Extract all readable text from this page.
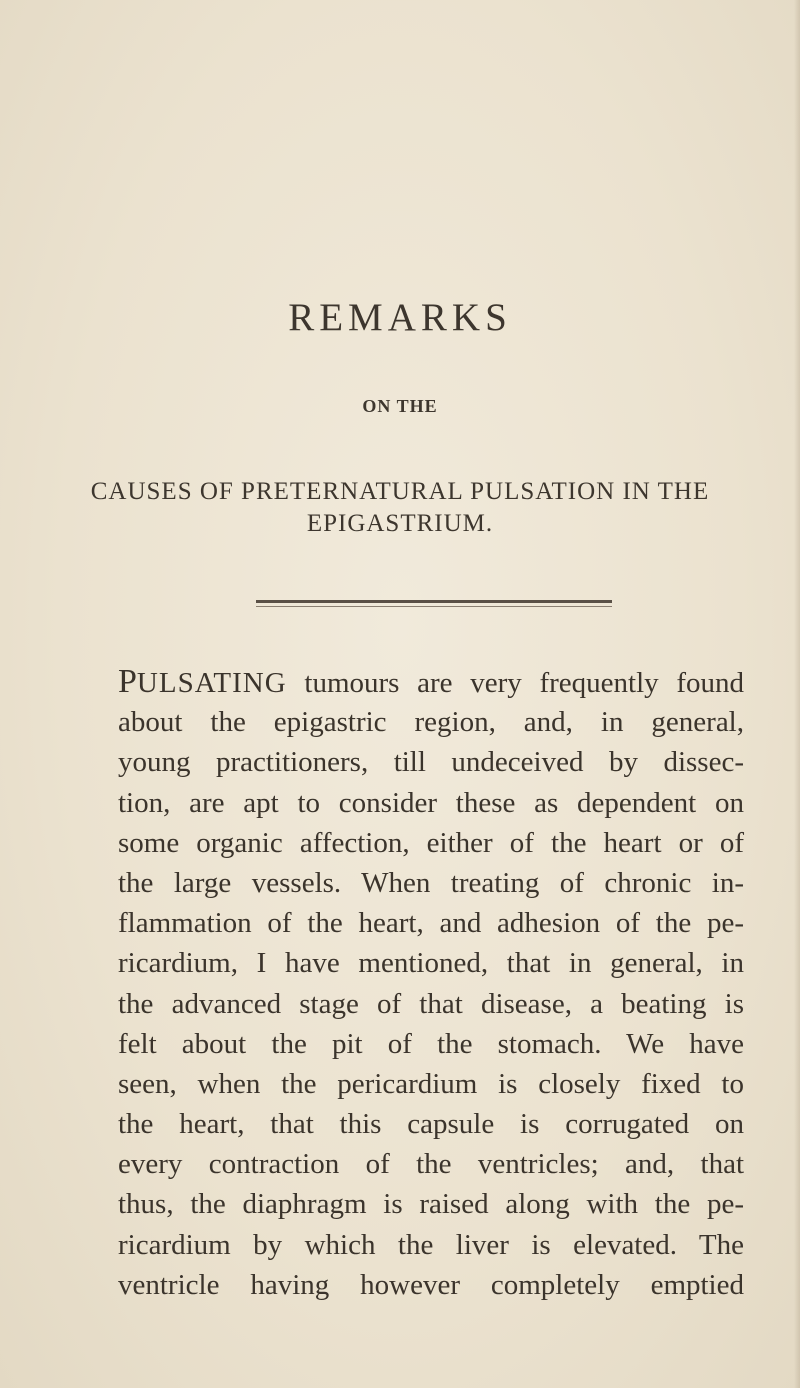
REMARKS
ON THE
CAUSES OF PRETERNATURAL PULSATION IN THE
EPIGASTRIUM.
PULSATING tumours are very frequently found
about the epigastric region, and, in general,
young practitioners, till undeceived by dissec-
tion, are apt to consider these as dependent on
some organic affection, either of the heart or of
the large vessels. When treating of chronic in-
flammation of the heart, and adhesion of the pe-
ricardium, I have mentioned, that in general, in
the advanced stage of that disease, a beating is
felt about the pit of the stomach. We have
seen, when the pericardium is closely fixed to
the heart, that this capsule is corrugated on
every contraction of the ventricles; and, that
thus, the diaphragm is raised along with the pe-
ricardium by which the liver is elevated. The
ventricle having however completely emptied
